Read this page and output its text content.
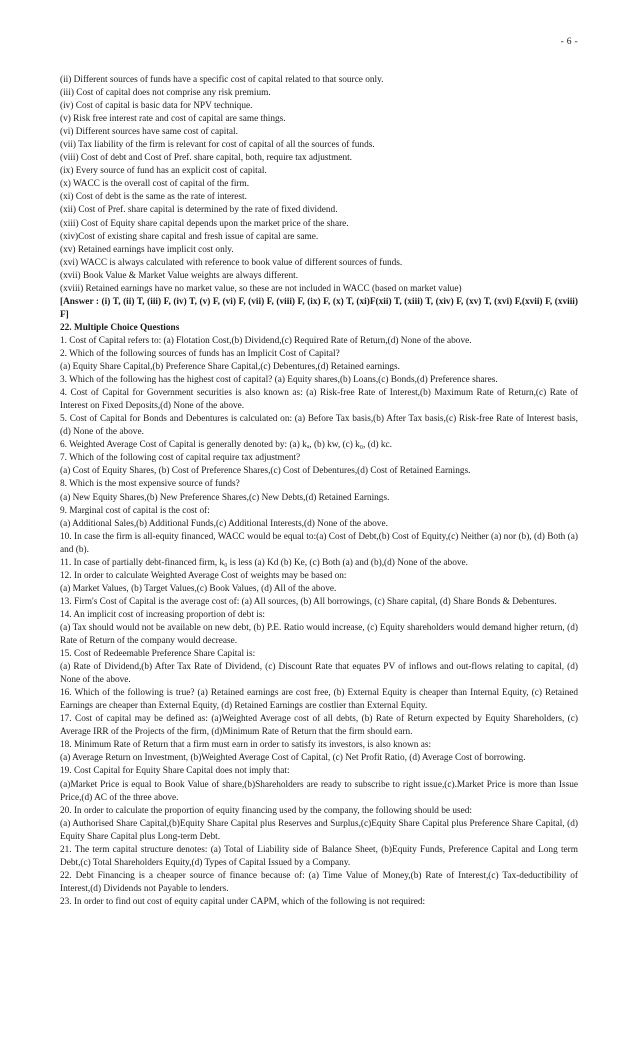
- 6 -

(ii) Different sources of funds have a specific cost of capital related to that source only.

(iii) Cost of capital does not comprise any risk premium.

(iv) Cost of capital is basic data for NPV technique.

(v) Risk free interest rate and cost of capital are same things.

(vi) Different sources have same cost of capital.

(vii) Tax liability of the firm is relevant for cost of capital of all the sources of funds.

(viii) Cost of debt and Cost of Pref. share capital, both, require tax adjustment.

(ix) Every source of fund has an explicit cost of capital.

(x) WACC is the overall cost of capital of the firm.

(xi) Cost of debt is the same as the rate of interest.

(xii) Cost of Pref. share capital is determined by the rate of fixed dividend.

(xiii) Cost of Equity share capital depends upon the market price of the share.

(xiv)Cost of existing share capital and fresh issue of capital are same.

(xv) Retained earnings have implicit cost only.

(xvi) WACC is always calculated with reference to book value of different sources of funds.

(xvii) Book Value & Market Value weights are always different.

(xviii) Retained earnings have no market value, so these are not included in WACC (based on market value)

[Answer : (i) T, (ii) T, (iii) F, (iv) T, (v) F, (vi) F, (vii) F, (viii) F, (ix) F, (x) T, (xi)F(xii) T, (xiii) T, (xiv) F, (xv) T, (xvi) F,(xvii) F, (xviii) F]

22. Multiple Choice Questions

1. Cost of Capital refers to: (a) Flotation Cost,(b) Dividend,(c) Required Rate of Return,(d) None of the above.

2. Which of the following sources of funds has an Implicit Cost of Capital?

(a) Equity Share Capital,(b) Preference Share Capital,(c) Debentures,(d) Retained earnings.

3. Which of the following has the highest cost of capital? (a) Equity shares,(b) Loans,(c) Bonds,(d) Preference shares.

4. Cost of Capital for Government securities is also known as: (a) Risk-free Rate of Interest,(b) Maximum Rate of Return,(c) Rate of Interest on Fixed Deposits,(d) None of the above.

5. Cost of Capital for Bonds and Debentures is calculated on: (a) Before Tax basis,(b) After Tax basis,(c) Risk-free Rate of Interest basis,(d) None of the above.

6. Weighted Average Cost of Capital is generally denoted by: (a) kₐ, (b) kw, (c) k₀, (d) kc.

7. Which of the following cost of capital require tax adjustment?

(a) Cost of Equity Shares, (b) Cost of Preference Shares,(c) Cost of Debentures,(d) Cost of Retained Earnings.

8. Which is the most expensive source of funds?

(a) New Equity Shares,(b) New Preference Shares,(c) New Debts,(d) Retained Earnings.

9. Marginal cost of capital is the cost of:

(a) Additional Sales,(b) Additional Funds,(c) Additional Interests,(d) None of the above.

10. In case the firm is all-equity financed, WACC would be equal to:(a) Cost of Debt,(b) Cost of Equity,(c) Neither (a) nor (b), (d) Both (a) and (b).

11. In case of partially debt-financed firm, k₀ is less (a) Kd (b) Ke, (c) Both (a) and (b),(d) None of the above.

12. In order to calculate Weighted Average Cost of weights may be based on:

(a) Market Values, (b) Target Values,(c) Book Values, (d) All of the above.

13. Firm's Cost of Capital is the average cost of: (a) All sources, (b) All borrowings, (c) Share capital, (d) Share Bonds & Debentures.

14. An implicit cost of increasing proportion of debt is:

(a) Tax should would not be available on new debt, (b) P.E. Ratio would increase, (c) Equity shareholders would demand higher return, (d) Rate of Return of the company would decrease.

15. Cost of Redeemable Preference Share Capital is:

(a) Rate of Dividend,(b) After Tax Rate of Dividend, (c) Discount Rate that equates PV of inflows and out-flows relating to capital, (d) None of the above.

16. Which of the following is true? (a) Retained earnings are cost free, (b) External Equity is cheaper than Internal Equity, (c) Retained Earnings are cheaper than External Equity, (d) Retained Earnings are costlier than External Equity.

17. Cost of capital may be defined as: (a)Weighted Average cost of all debts, (b) Rate of Return expected by Equity Shareholders, (c) Average IRR of the Projects of the firm, (d)Minimum Rate of Return that the firm should earn.

18. Minimum Rate of Return that a firm must earn in order to satisfy its investors, is also known as:

(a) Average Return on Investment, (b)Weighted Average Cost of Capital, (c) Net Profit Ratio, (d) Average Cost of borrowing.

19. Cost Capital for Equity Share Capital does not imply that:

(a)Market Price is equal to Book Value of share,(b)Shareholders are ready to subscribe to right issue,(c).Market Price is more than Issue Price,(d) AC of the three above.

20. In order to calculate the proportion of equity financing used by the company, the following should be used:

(a) Authorised Share Capital,(b)Equity Share Capital plus Reserves and Surplus,(c)Equity Share Capital plus Preference Share Capital, (d) Equity Share Capital plus Long-term Debt.

21. The term capital structure denotes: (a) Total of Liability side of Balance Sheet, (b)Equity Funds, Preference Capital and Long term Debt,(c) Total Shareholders Equity,(d) Types of Capital Issued by a Company.

22. Debt Financing is a cheaper source of finance because of: (a) Time Value of Money,(b) Rate of Interest,(c) Tax-deductibility of Interest,(d) Dividends not Payable to lenders.

23. In order to find out cost of equity capital under CAPM, which of the following is not required:
